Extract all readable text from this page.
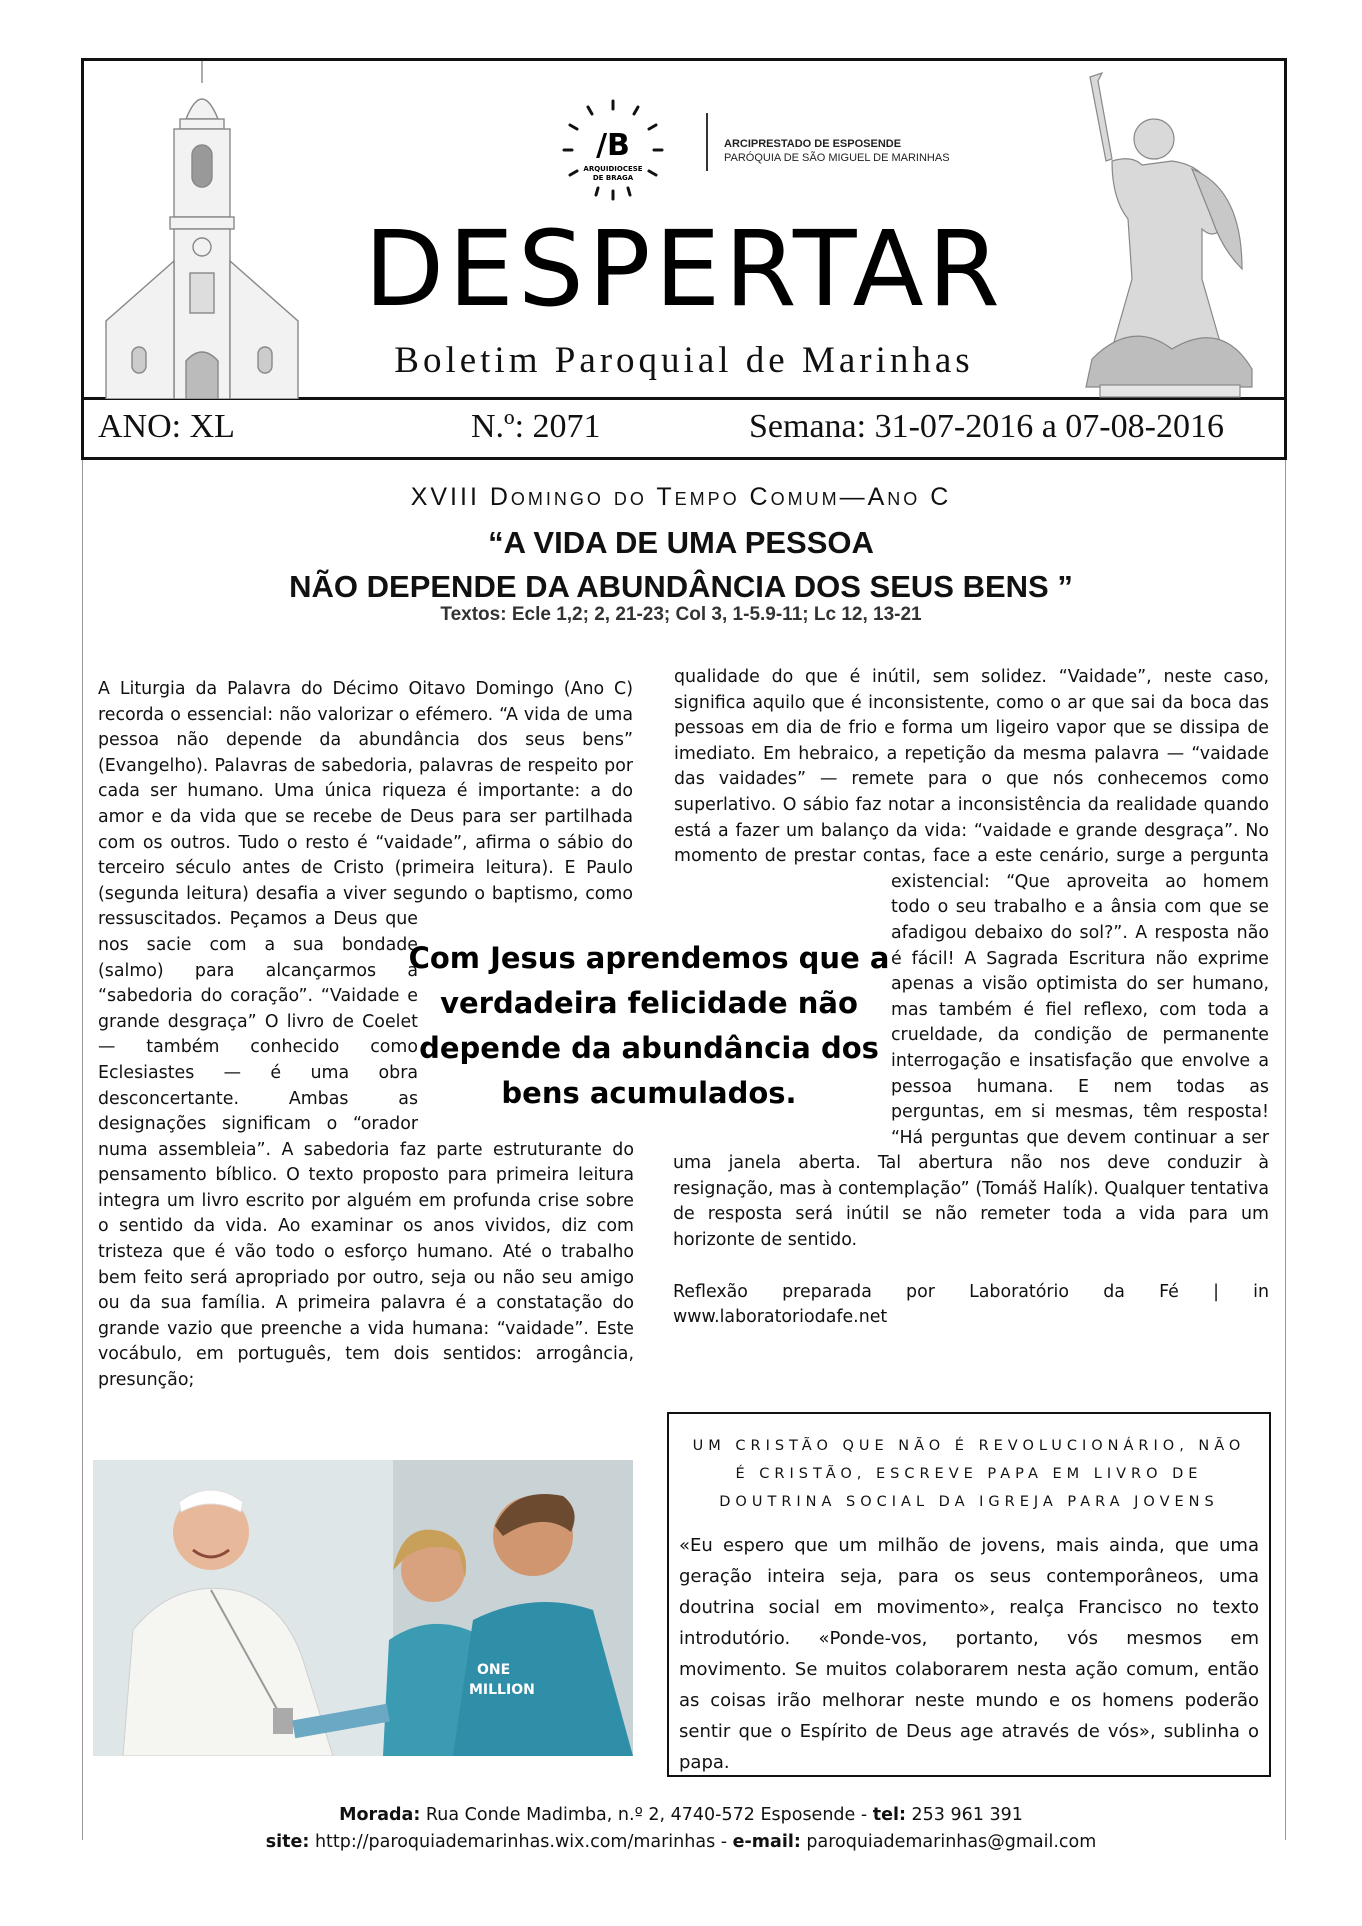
/B
ARQUIDIOCESE
DE BRAGA
ARCIPRESTADO DE ESPOSENDE
PARÓQUIA DE SÃO MIGUEL DE MARINHAS
DESPERTAR
Boletim Paroquial de Marinhas
ANO: XL	N.º: 2071	Semana: 31-07-2016 a 07-08-2016
XVIII Domingo do Tempo Comum—Ano C
“A VIDA DE UMA PESSOA
NÃO DEPENDE DA ABUNDÂNCIA DOS SEUS BENS ”
Textos: Ecle 1,2; 2, 21-23; Col 3, 1-5.9-11; Lc 12, 13-21
A Liturgia da Palavra do Décimo Oitavo Domingo (Ano C) recorda o essencial: não valorizar o efémero. “A vida de uma pessoa não depende da abundância dos seus bens” (Evangelho). Palavras de sabedoria, palavras de respeito por cada ser humano. Uma única riqueza é importante: a do amor e da vida que se recebe de Deus para ser partilhada com os outros. Tudo o resto é “vaidade”, afirma o sábio do terceiro século antes de Cristo (primeira leitura). E Paulo (segunda leitura) desafia a viver segundo o baptismo, como ressuscitados. Peçamos a Deus que nos sacie com a sua bondade (salmo) para alcançarmos a “sabedoria do coração”. “Vaidade e grande desgraça” O livro de Coelet — também conhecido como Eclesiastes — é uma obra desconcertante. Ambas as designações significam o “orador numa assembleia”. A sabedoria faz parte estruturante do pensamento bíblico. O texto proposto para primeira leitura integra um livro escrito por alguém em profunda crise sobre o sentido da vida. Ao examinar os anos vividos, diz com tristeza que é vão todo o esforço humano. Até o trabalho bem feito será apropriado por outro, seja ou não seu amigo ou da sua família. A primeira palavra é a constatação do grande vazio que preenche a vida humana: “vaidade”. Este vocábulo, em português, tem dois sentidos: arrogância, presunção;
qualidade do que é inútil, sem solidez. “Vaidade”, neste caso, significa aquilo que é inconsistente, como o ar que sai da boca das pessoas em dia de frio e forma um ligeiro vapor que se dissipa de imediato. Em hebraico, a repetição da mesma palavra — “vaidade das vaidades” — remete para o que nós conhecemos como superlativo. O sábio faz notar a inconsistência da realidade quando está a fazer um balanço da vida: “vaidade e grande desgraça”. No momento de prestar contas, face a este cenário, surge a pergunta existencial: “Que aproveita ao homem todo o seu trabalho e a ânsia com que se afadigou debaixo do sol?”. A resposta não é fácil! A Sagrada Escritura não exprime apenas a visão optimista do ser humano, mas também é fiel reflexo, com toda a crueldade, da condição de permanente interrogação e insatisfação que envolve a pessoa humana. E nem todas as perguntas, em si mesmas, têm resposta! “Há perguntas que devem continuar a ser uma janela aberta. Tal abertura não nos deve conduzir à resignação, mas à contemplação” (Tomáš Halík). Qualquer tentativa de resposta será inútil se não remeter toda a vida para um horizonte de sentido.
Reflexão preparada por Laboratório da Fé | in
www.laboratoriodafe.net
Com Jesus aprendemos que a verdadeira felicidade não depende da abundância dos bens acumulados.
ONE
MILLION
UM CRISTÃO QUE NÃO É REVOLUCIONÁRIO, NÃO É CRISTÃO, ESCREVE PAPA EM LIVRO DE DOUTRINA SOCIAL DA IGREJA PARA JOVENS
«Eu espero que um milhão de jovens, mais ainda, que uma geração inteira seja, para os seus contemporâneos, uma doutrina social em movimento», realça Francisco no texto introdutório. «Ponde-vos, portanto, vós mesmos em movimento. Se muitos colaborarem nesta ação comum, então as coisas irão melhorar neste mundo e os homens poderão sentir que o Espírito de Deus age através de vós», sublinha o papa.
Morada: Rua Conde Madimba, n.º 2, 4740-572 Esposende - tel: 253 961 391
site: http://paroquiademarinhas.wix.com/marinhas - e-mail: paroquiademarinhas@gmail.com
